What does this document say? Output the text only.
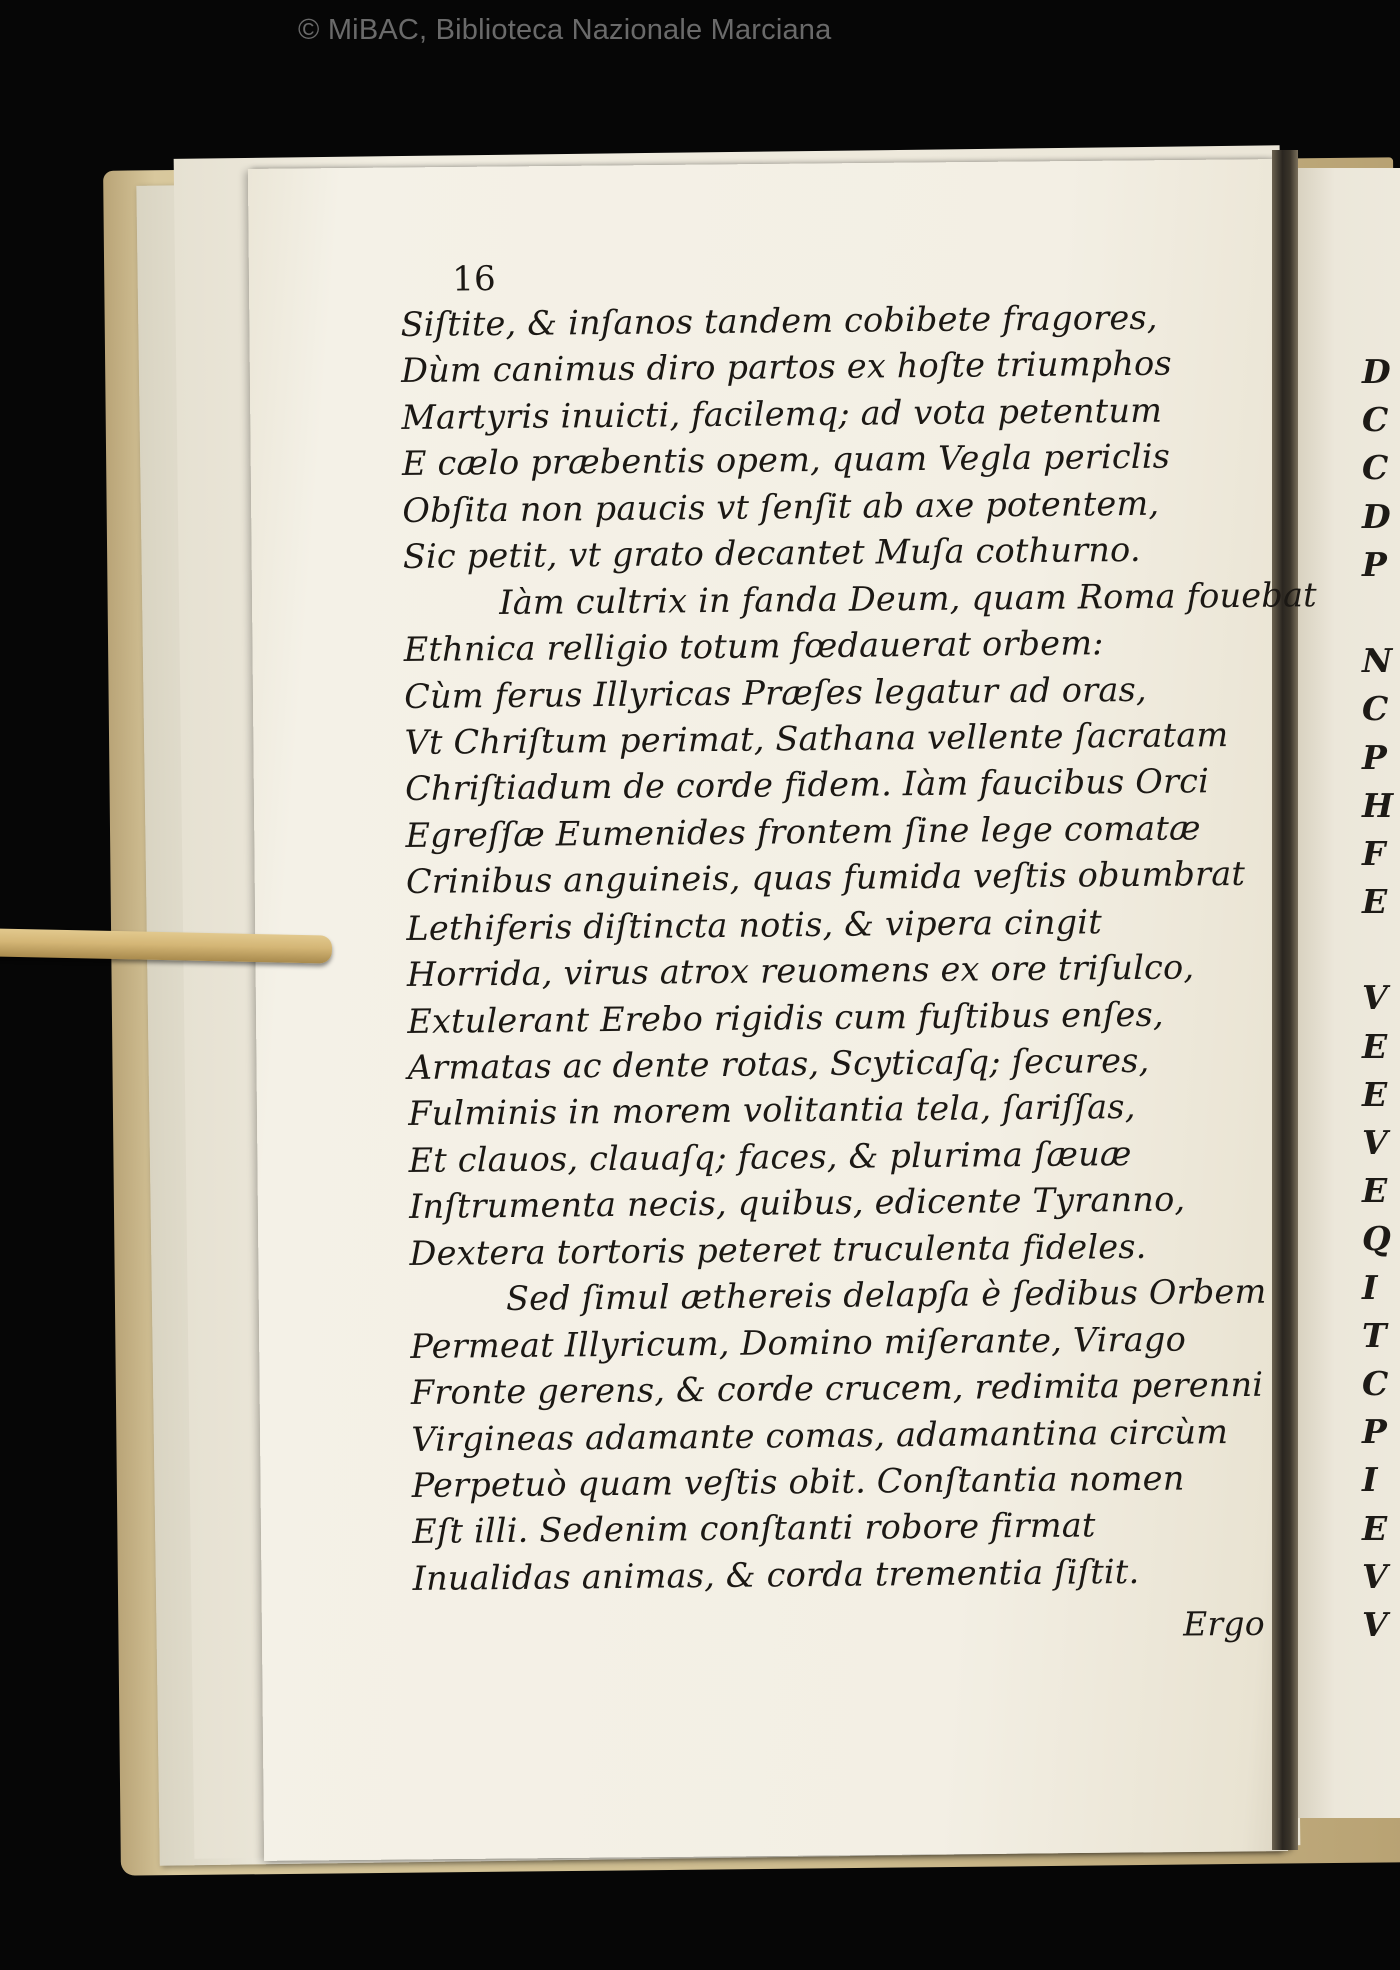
© MiBAC, Biblioteca Nazionale Marciana
D
C
C
D
P
N
C
P
H
F
E
V
E
E
V
E
Q
I
T
C
P
I
E
V
V
16
Siſtite, & inſanos tandem cobibete fragores,
Dùm canimus diro partos ex hoſte triumphos
Martyris inuicti, facilemq; ad vota petentum
E cælo præbentis opem, quam Vegla periclis
Obſita non paucis vt ſenſit ab axe potentem,
Sic petit, vt grato decantet Muſa cothurno.
Iàm cultrix in fanda Deum, quam Roma fouebat
Ethnica relligio totum fœdauerat orbem:
Cùm ferus Illyricas Præſes legatur ad oras,
Vt Chriſtum perimat, Sathana vellente ſacratam
Chriſtiadum de corde fidem. Iàm faucibus Orci
Egreſſæ Eumenides frontem ſine lege comatæ
Crinibus anguineis, quas fumida veſtis obumbrat
Lethiferis diſtincta notis, & vipera cingit
Horrida, virus atrox reuomens ex ore triſulco,
Extulerant Erebo rigidis cum fuſtibus enſes,
Armatas ac dente rotas, Scyticaſq; ſecures,
Fulminis in morem volitantia tela, ſariſſas,
Et clauos, clauaſq; faces, & plurima ſæuæ
Inſtrumenta necis, quibus, edicente Tyranno,
Dextera tortoris peteret truculenta fideles.
Sed ſimul æthereis delapſa è ſedibus Orbem
Permeat Illyricum, Domino miſerante, Virago
Fronte gerens, & corde crucem, redimita perenni
Virgineas adamante comas, adamantina circùm
Perpetuò quam veſtis obit. Conſtantia nomen
Eſt illi. Sedenim conſtanti robore firmat
Inualidas animas, & corda trementia ſiſtit.
Ergo
